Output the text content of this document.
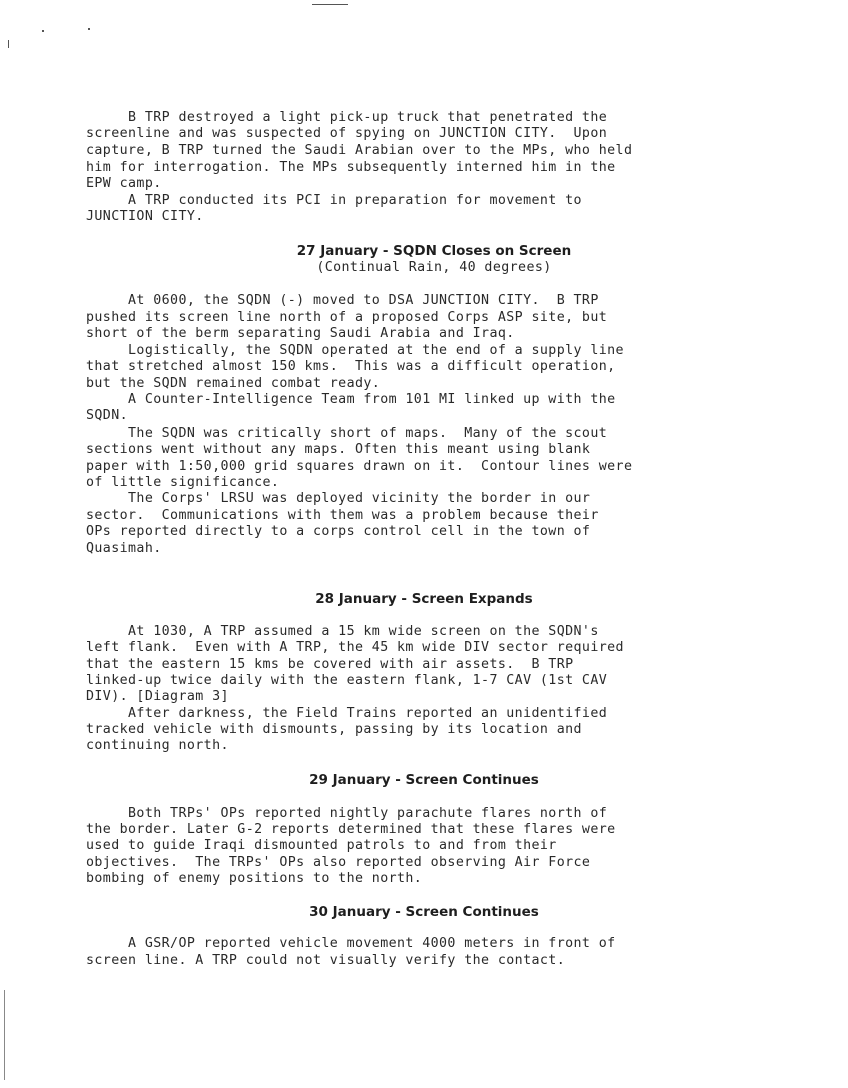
B TRP destroyed a light pick-up truck that penetrated the
screenline and was suspected of spying on JUNCTION CITY.  Upon
capture, B TRP turned the Saudi Arabian over to the MPs, who held
him for interrogation. The MPs subsequently interned him in the
EPW camp.
A TRP conducted its PCI in preparation for movement to
JUNCTION CITY.
27 January - SQDN Closes on Screen
(Continual Rain, 40 degrees)
At 0600, the SQDN (-) moved to DSA JUNCTION CITY.  B TRP
pushed its screen line north of a proposed Corps ASP site, but
short of the berm separating Saudi Arabia and Iraq.
Logistically, the SQDN operated at the end of a supply line
that stretched almost 150 kms.  This was a difficult operation,
but the SQDN remained combat ready.
A Counter-Intelligence Team from 101 MI linked up with the
SQDN.
The SQDN was critically short of maps.  Many of the scout
sections went without any maps. Often this meant using blank
paper with 1:50,000 grid squares drawn on it.  Contour lines were
of little significance.
The Corps' LRSU was deployed vicinity the border in our
sector.  Communications with them was a problem because their
OPs reported directly to a corps control cell in the town of
Quasimah.
28 January - Screen Expands
At 1030, A TRP assumed a 15 km wide screen on the SQDN's
left flank.  Even with A TRP, the 45 km wide DIV sector required
that the eastern 15 kms be covered with air assets.  B TRP
linked-up twice daily with the eastern flank, 1-7 CAV (1st CAV
DIV). [Diagram 3]
After darkness, the Field Trains reported an unidentified
tracked vehicle with dismounts, passing by its location and
continuing north.
29 January - Screen Continues
Both TRPs' OPs reported nightly parachute flares north of
the border. Later G-2 reports determined that these flares were
used to guide Iraqi dismounted patrols to and from their
objectives.  The TRPs' OPs also reported observing Air Force
bombing of enemy positions to the north.
30 January - Screen Continues
A GSR/OP reported vehicle movement 4000 meters in front of
screen line. A TRP could not visually verify the contact.
